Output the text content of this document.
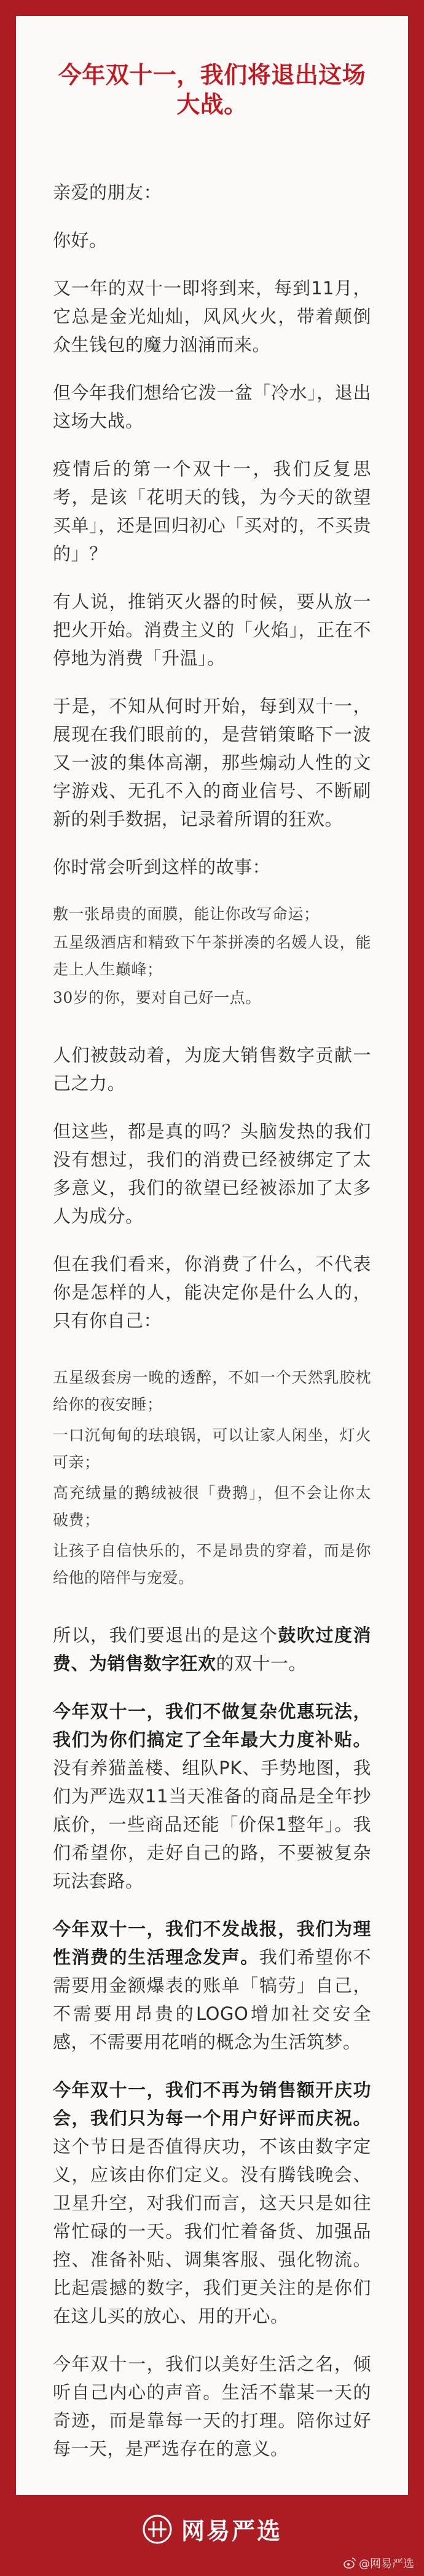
今年双十一，我们将退出这场大战。

亲爱的朋友：

你好。

又一年的双十一即将到来，每到11月，它总是金光灿灿，风风火火，带着颠倒众生钱包的魔力汹涌而来。

但今年我们想给它泼一盆「冷水」，退出这场大战。

疫情后的第一个双十一，我们反复思考，是该「花明天的钱，为今天的欲望买单」，还是回归初心「买对的，不买贵的」？

有人说，推销灭火器的时候，要从放一把火开始。消费主义的「火焰」，正在不停地为消费「升温」。

于是，不知从何时开始，每到双十一，展现在我们眼前的，是营销策略下一波又一波的集体高潮，那些煽动人性的文字游戏、无孔不入的商业信号、不断刷新的剁手数据，记录着所谓的狂欢。

你时常会听到这样的故事：

敷一张昂贵的面膜，能让你改写命运；
五星级酒店和精致下午茶拼凑的名媛人设，能走上人生巅峰；
30岁的你，要对自己好一点。

人们被鼓动着，为庞大销售数字贡献一己之力。

但这些，都是真的吗？头脑发热的我们没有想过，我们的消费已经被绑定了太多意义，我们的欲望已经被添加了太多人为成分。

但在我们看来，你消费了什么，不代表你是怎样的人，能决定你是什么人的，只有你自己：

五星级套房一晚的透醉，不如一个天然乳胶枕给你的夜安睡；
一口沉甸甸的珐琅锅，可以让家人闲坐，灯火可亲；
高充绒量的鹅绒被很「费鹅」，但不会让你太破费；
让孩子自信快乐的，不是昂贵的穿着，而是你给他的陪伴与宠爱。

所以，我们要退出的是这个鼓吹过度消费、为销售数字狂欢的双十一。

今年双十一，我们不做复杂优惠玩法，我们为你们搞定了全年最大力度补贴。没有养猫盖楼、组队PK、手势地图，我们为严选双11当天准备的商品是全年抄底价，一些商品还能「价保1整年」。我们希望你，走好自己的路，不要被复杂玩法套路。

今年双十一，我们不发战报，我们为理性消费的生活理念发声。我们希望你不需要用金额爆表的账单「犒劳」自己，不需要用昂贵的LOGO增加社交安全感，不需要用花哨的概念为生活筑梦。

今年双十一，我们不再为销售额开庆功会，我们只为每一个用户好评而庆祝。这个节日是否值得庆功，不该由数字定义，应该由你们定义。没有腾钱晚会、卫星升空，对我们而言，这天只是如往常忙碌的一天。我们忙着备货、加强品控、准备补贴、调集客服、强化物流。比起震撼的数字，我们更关注的是你们在这儿买的放心、用的开心。

今年双十一，我们以美好生活之名，倾听自己内心的声音。生活不靠某一天的奇迹，而是靠每一天的打理。陪你过好每一天，是严选存在的意义。

网易严选
@网易严选
